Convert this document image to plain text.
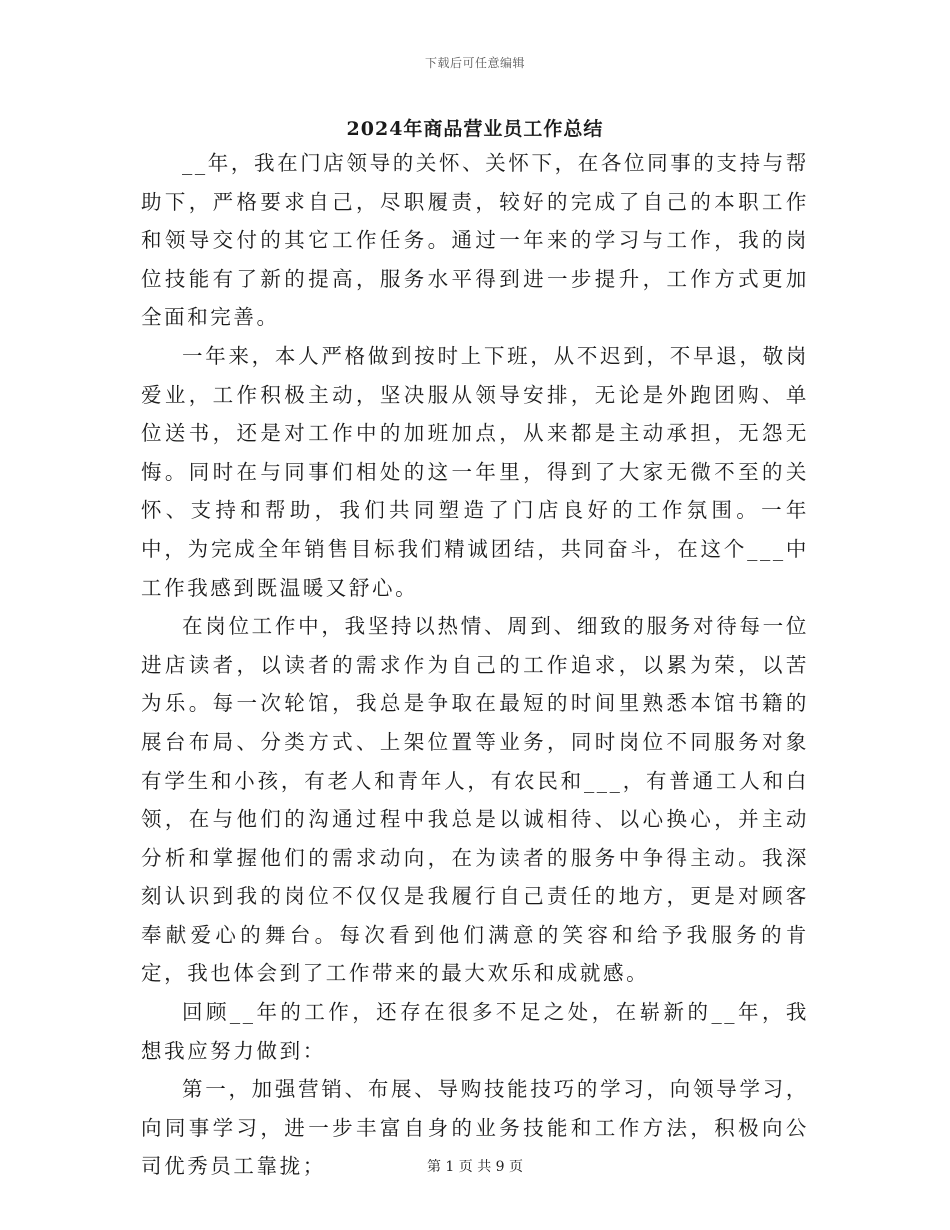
下载后可任意编辑
2024年商品营业员工作总结

__年，我在门店领导的关怀、关怀下，在各位同事的支持与帮助下，严格要求自己，尽职履责，较好的完成了自己的本职工作和领导交付的其它工作任务。通过一年来的学习与工作，我的岗位技能有了新的提高，服务水平得到进一步提升，工作方式更加全面和完善。

一年来，本人严格做到按时上下班，从不迟到，不早退，敬岗爱业，工作积极主动，坚决服从领导安排，无论是外跑团购、单位送书，还是对工作中的加班加点，从来都是主动承担，无怨无悔。同时在与同事们相处的这一年里，得到了大家无微不至的关怀、支持和帮助，我们共同塑造了门店良好的工作氛围。一年中，为完成全年销售目标我们精诚团结，共同奋斗，在这个___中工作我感到既温暖又舒心。

在岗位工作中，我坚持以热情、周到、细致的服务对待每一位进店读者，以读者的需求作为自己的工作追求，以累为荣，以苦为乐。每一次轮馆，我总是争取在最短的时间里熟悉本馆书籍的展台布局、分类方式、上架位置等业务，同时岗位不同服务对象有学生和小孩，有老人和青年人，有农民和___，有普通工人和白领，在与他们的沟通过程中我总是以诚相待、以心换心，并主动分析和掌握他们的需求动向，在为读者的服务中争得主动。我深刻认识到我的岗位不仅仅是我履行自己责任的地方，更是对顾客奉献爱心的舞台。每次看到他们满意的笑容和给予我服务的肯定，我也体会到了工作带来的最大欢乐和成就感。

回顾__年的工作，还存在很多不足之处，在崭新的__年，我想我应努力做到：

第一，加强营销、布展、导购技能技巧的学习，向领导学习，向同事学习，进一步丰富自身的业务技能和工作方法，积极向公司优秀员工靠拢；	第 1 页 共 9 页
